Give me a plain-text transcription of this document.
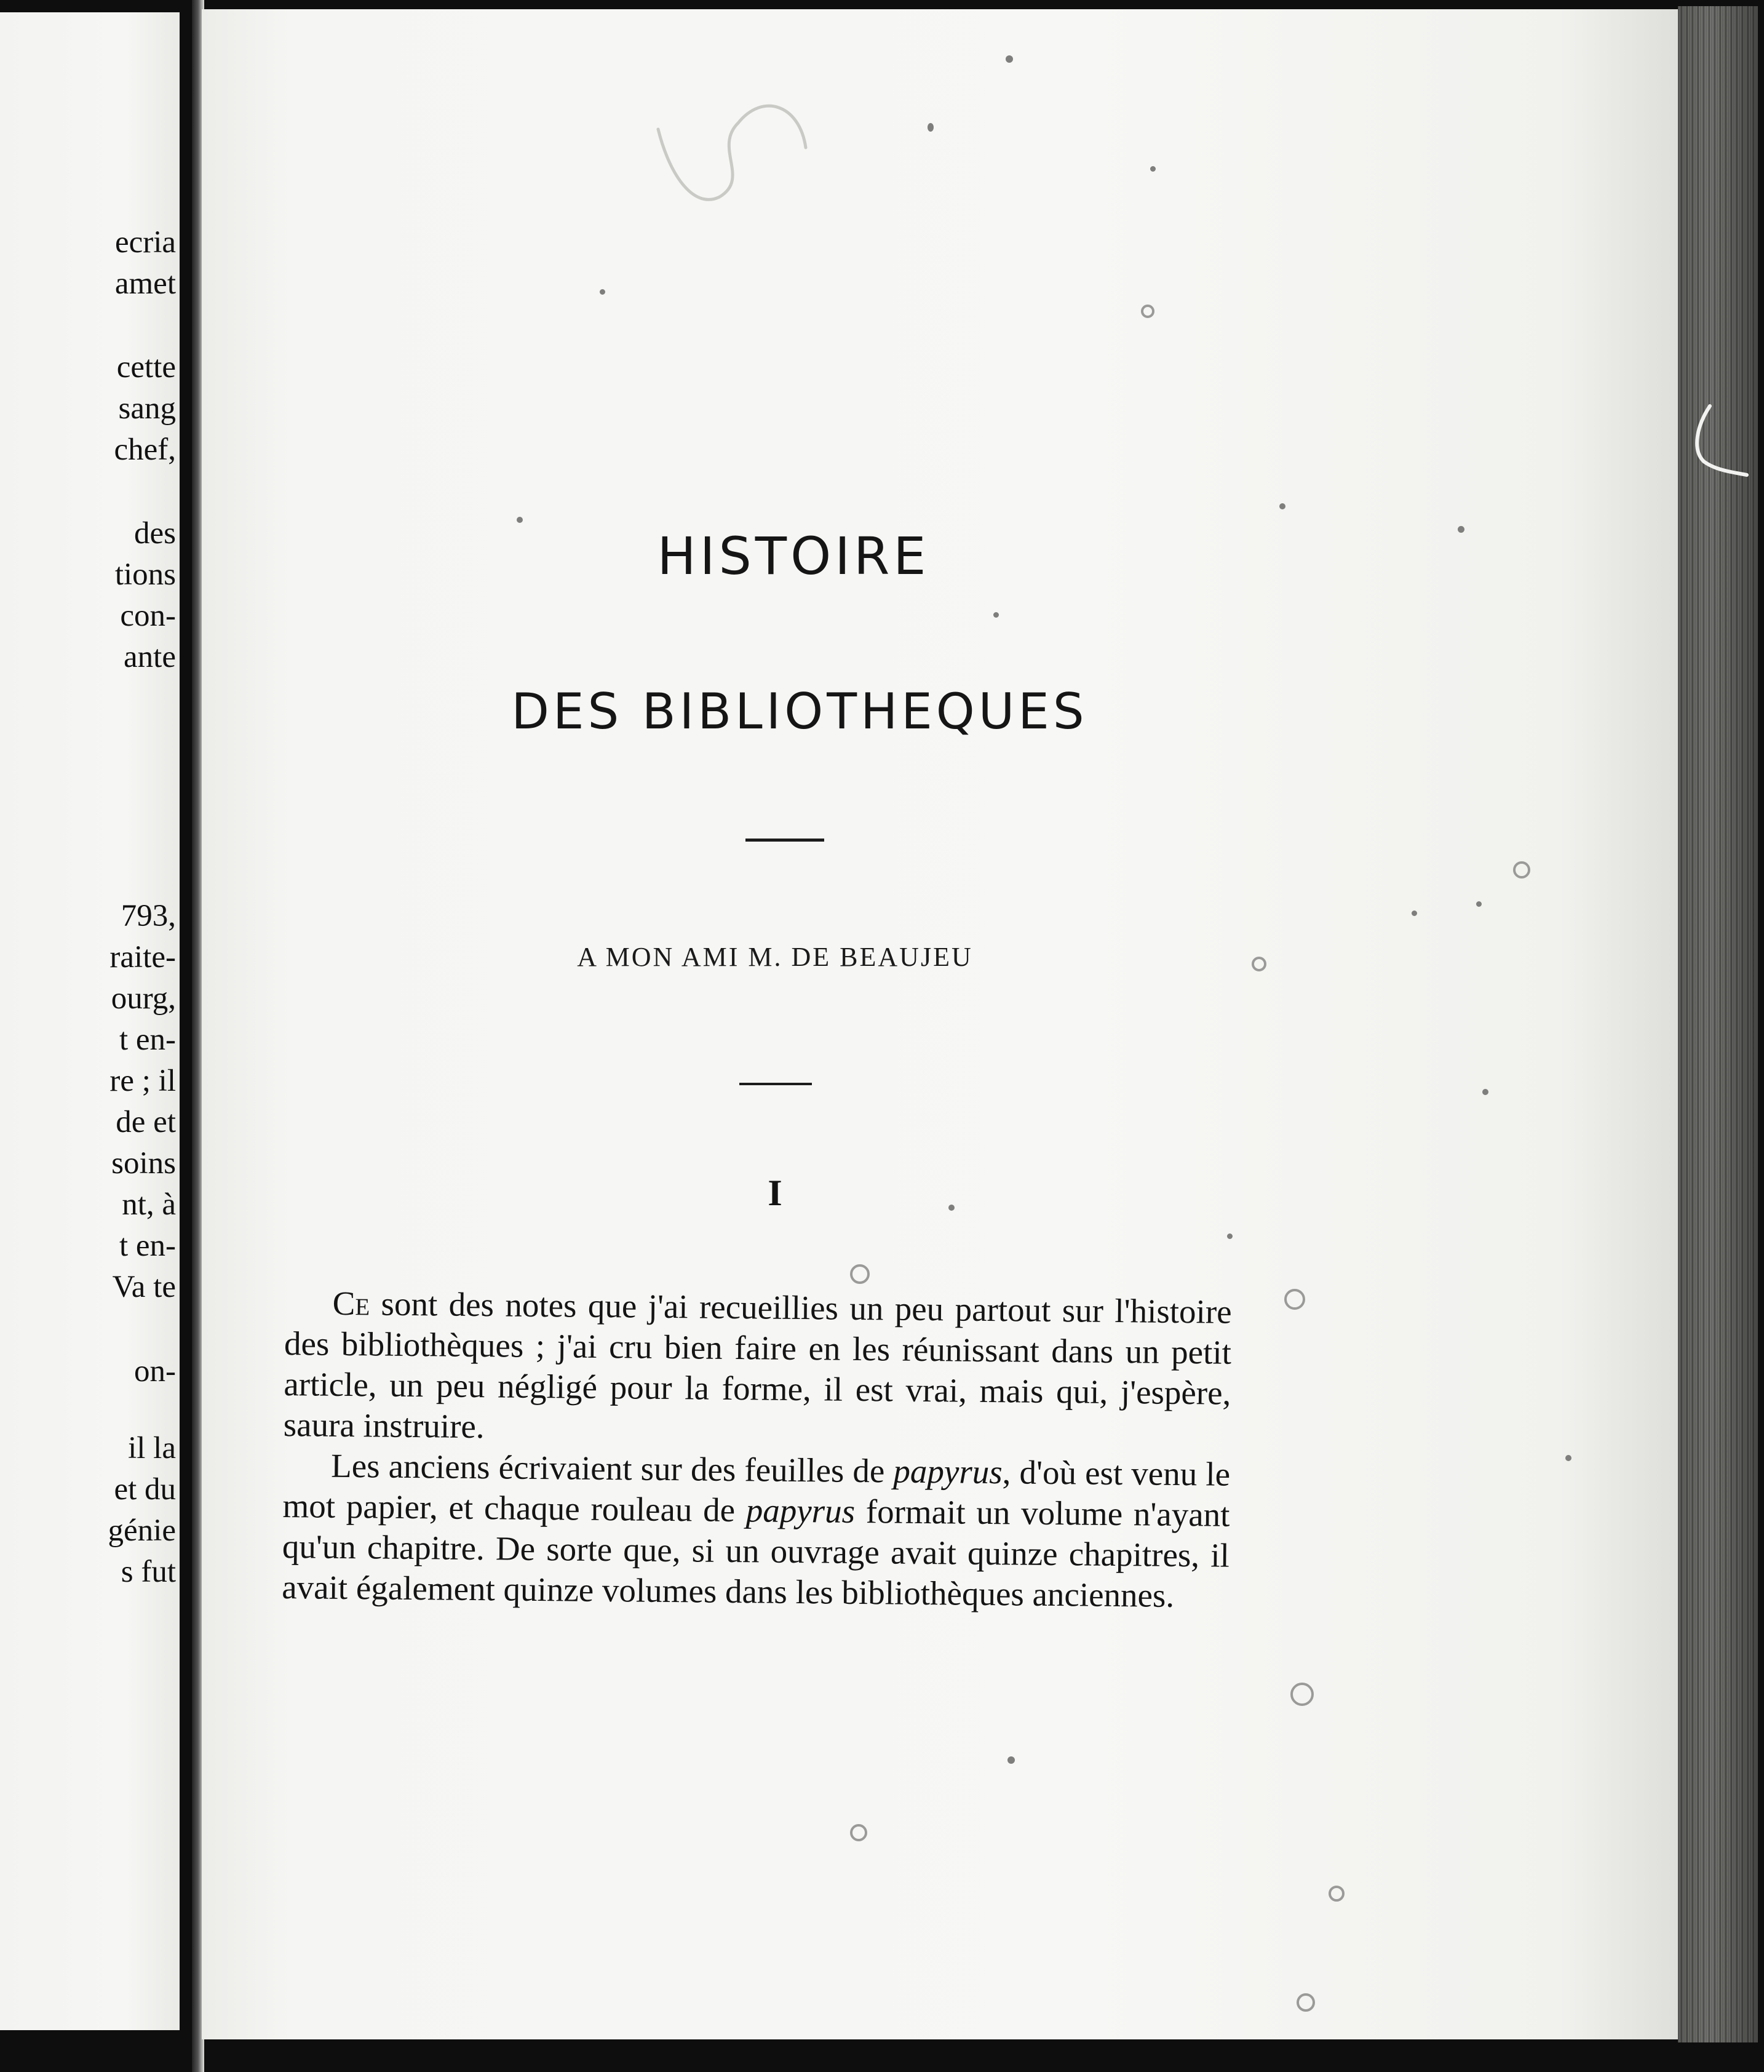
ecria
amet
cette
sang
chef,
des
tions
con-
ante
793,
raite-
ourg,
t en-
re ; il
de et
soins
nt, à
t en-
Va te
on-
il la
et du
génie
s fut
HISTOIRE
DES BIBLIOTHEQUES
A MON AMI M. DE BEAUJEU
I

Ce sont des notes que j'ai recueillies un peu partout sur l'histoire des bibliothèques ; j'ai cru bien faire en les réunissant dans un petit article, un peu négligé pour la forme, il est vrai, mais qui, j'espère, saura instruire.

Les anciens écrivaient sur des feuilles de papyrus, d'où est venu le mot papier, et chaque rouleau de papyrus formait un volume n'ayant qu'un chapitre. De sorte que, si un ouvrage avait quinze chapitres, il avait également quinze volumes dans les bibliothèques anciennes.
